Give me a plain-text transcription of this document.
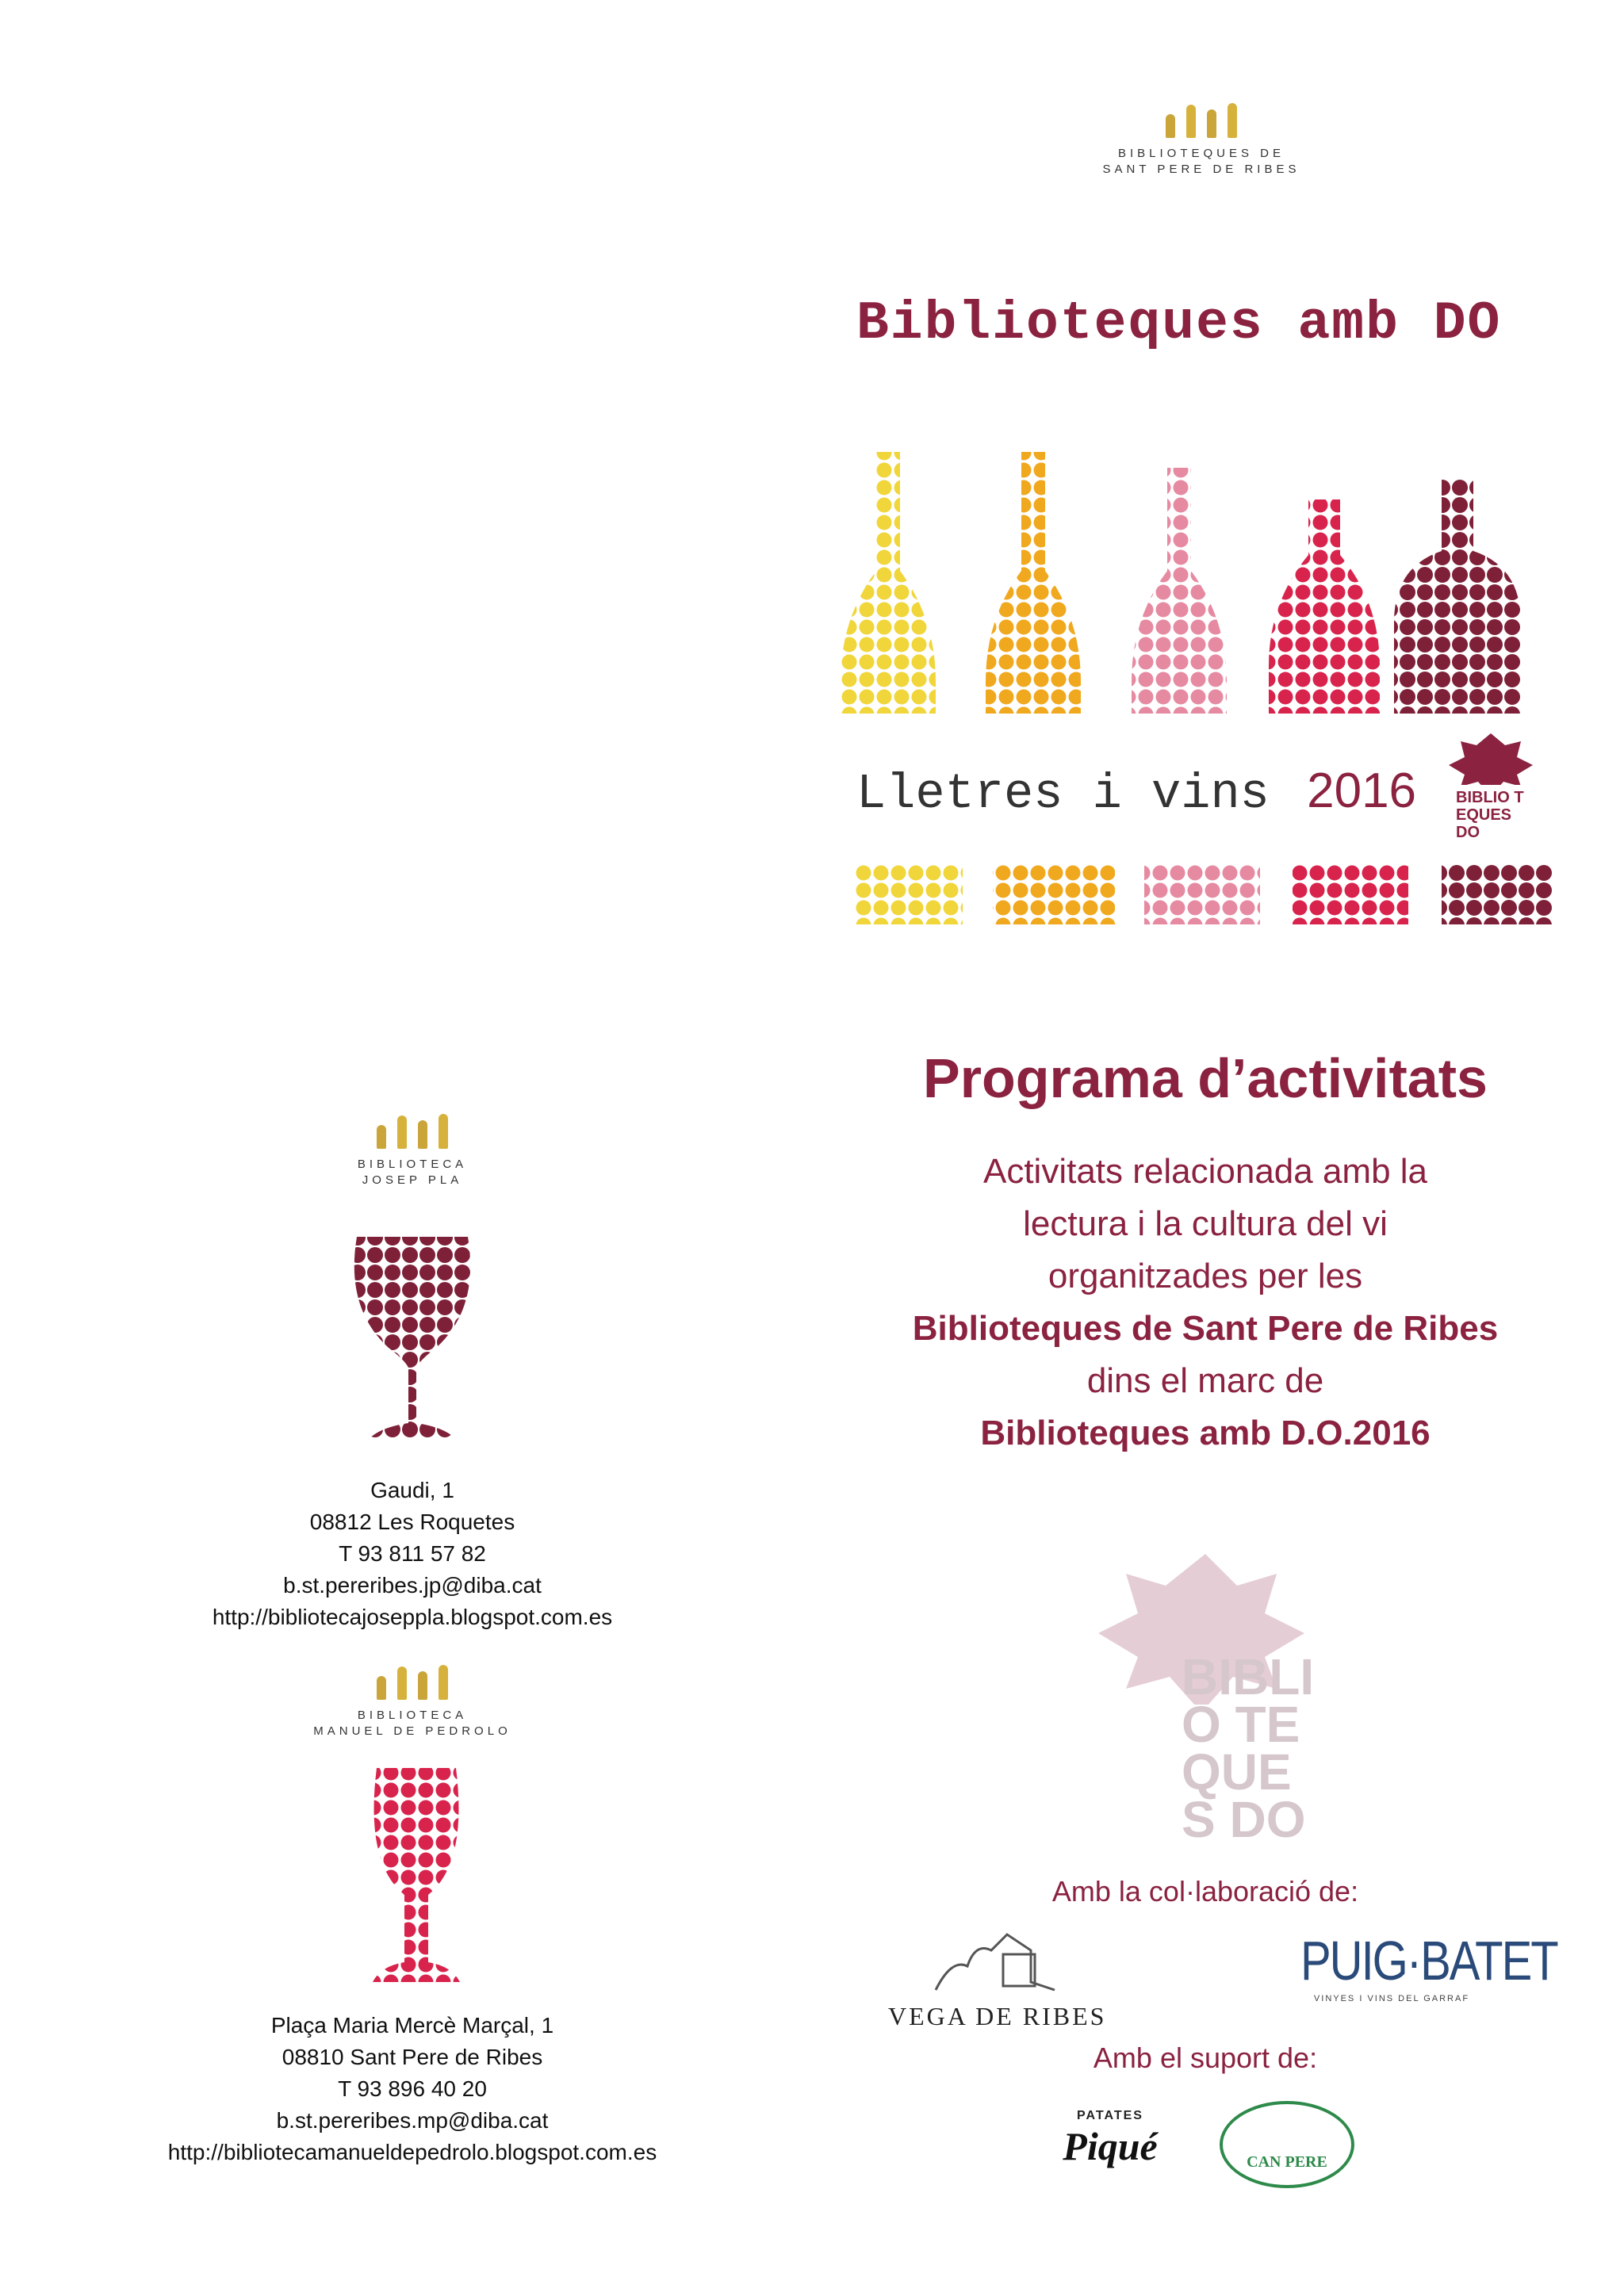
BIBLIOTEQUES DE
SANT PERE DE RIBES
Biblioteques amb DO
Lletres i vins 2016 BIBLIO TEQUES DO
Programa d’activitats
Activitats relacionada amb la
lectura i la cultura del vi
organitzades per les
Biblioteques de Sant Pere de Ribes
dins el marc de
Biblioteques amb D.O.2016
BIBLIO TEQUES DO
Amb la col·laboració de:
VEGA DE RIBES
PUIG·BATET
VINYES I VINS DEL GARRAF
Amb el suport de:
PATATES
Piqué	CAN PERE
BIBLIOTECA
JOSEP PLA
Gaudi, 1
08812 Les Roquetes
T 93 811 57 82
b.st.pereribes.jp@diba.cat
http://bibliotecajoseppla.blogspot.com.es
BIBLIOTECA
MANUEL DE PEDROLO
Plaça Maria Mercè Marçal, 1
08810 Sant Pere de Ribes
T 93 896 40 20
b.st.pereribes.mp@diba.cat
http://bibliotecamanueldepedrolo.blogspot.com.es
